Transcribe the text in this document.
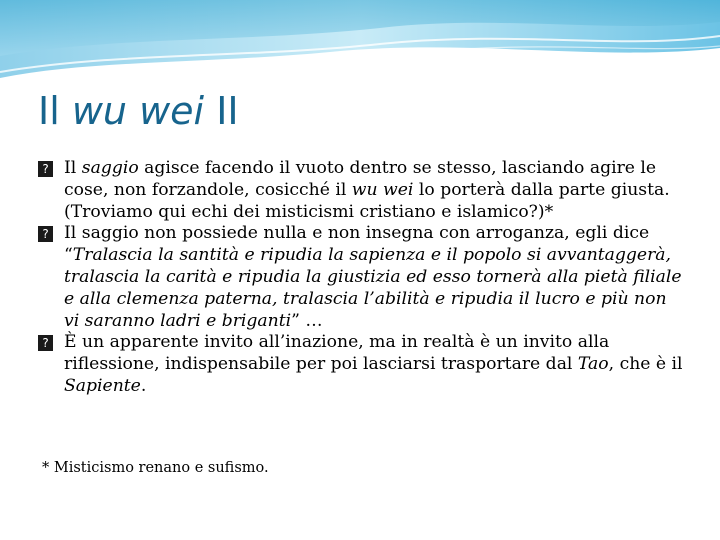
Il wu wei II
? Il saggio agisce facendo il vuoto dentro se stesso, lasciando agire le cose, non forzandole, cosicché il wu wei lo porterà dalla parte giusta. (Troviamo qui echi dei misticismi cristiano e islamico?)*
? Il saggio non possiede nulla e non insegna con arroganza, egli dice “Tralascia la santità e ripudia la sapienza e il popolo si avvantaggerà, tralascia la carità e ripudia la giustizia ed esso tornerà alla pietà filiale e alla clemenza paterna, tralascia l’abilità e ripudia il lucro e più non vi saranno ladri e briganti” …
? È un apparente invito all’inazione, ma in realtà è un invito alla riflessione, indispensabile per poi lasciarsi trasportare dal Tao, che è il Sapiente.
* Misticismo renano e sufismo.
